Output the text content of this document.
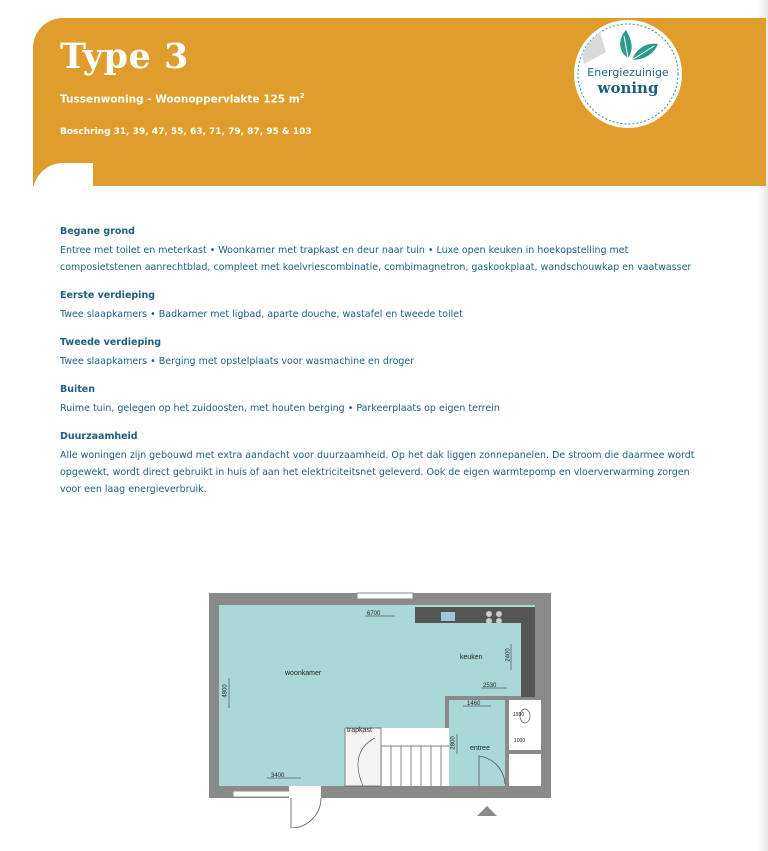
Type 3
Tussenwoning - Woonoppervlakte 125 $m^2$
Boschring 31, 39, 47, 55, 63, 71, 79, 87, 95 & 103
Energiezuinige
woning
Begane grond

Entree met toilet en meterkast • Woonkamer met trapkast en deur naar tuin • Luxe open keuken in hoekopstelling met composietstenen aanrechtblad, compleet met koelvriescombinatie, combimagnetron, gaskookplaat, wandschouwkap en vaatwasser

Eerste verdieping

Twee slaapkamers • Badkamer met ligbad, aparte douche, wastafel en tweede toilet

Tweede verdieping

Twee slaapkamers • Berging met opstelplaats voor wasmachine en droger

Buiten

Ruime tuin, gelegen op het zuidoosten, met houten berging • Parkeerplaats op eigen terrein

Duurzaamheid

Alle woningen zijn gebouwd met extra aandacht voor duurzaamheid. Op het dak liggen zonnepanelen. De stroom die daarmee wordt opgewekt, wordt direct gebruikt in huis of aan het elektriciteitsnet geleverd. Ook de eigen warmtepomp en vloerverwarming zorgen voor een laag energieverbruik.

woonkamer
keuken
trapkast
entree
6700
4800
3400
2400
2530
1460
2800
1550
1000
